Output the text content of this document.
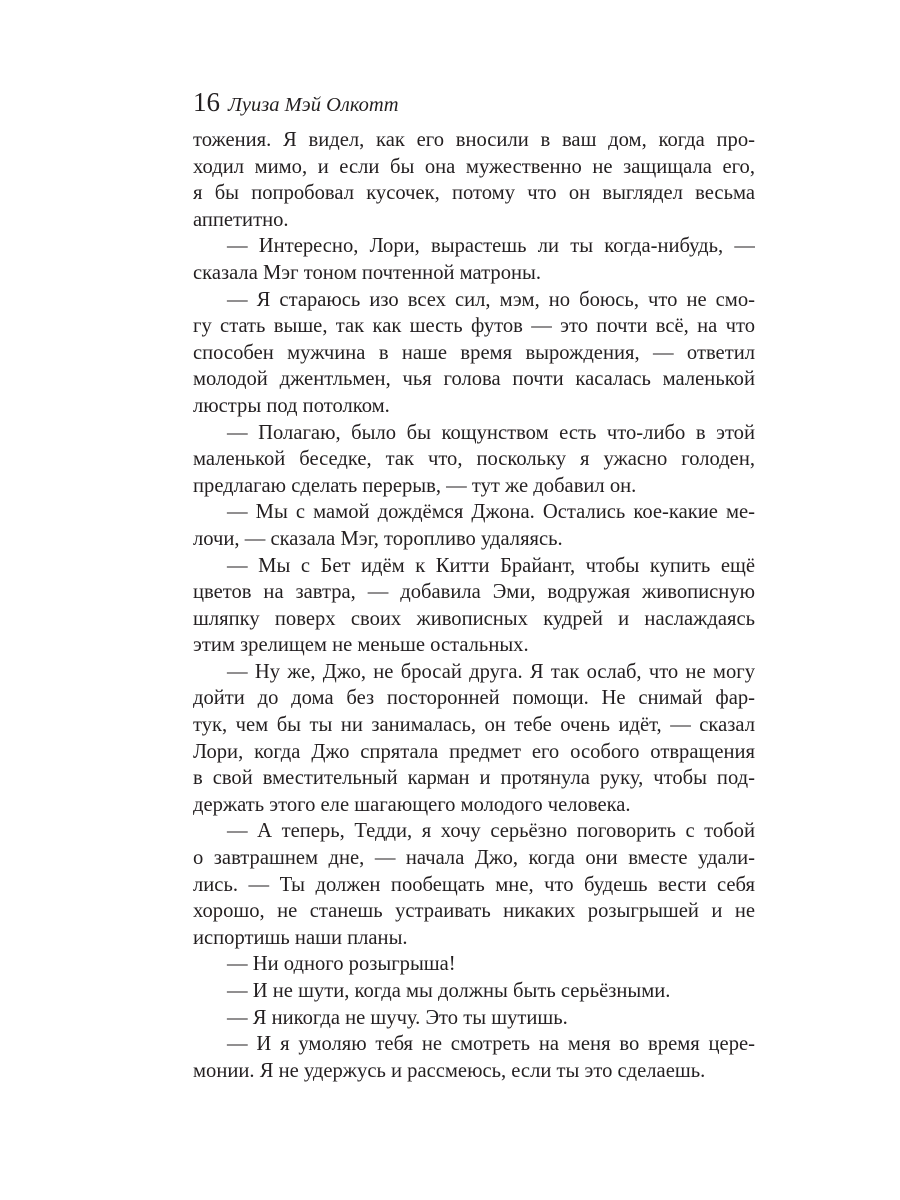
16 Луиза Мэй Олкотт
тожения. Я видел, как его вносили в ваш дом, когда про-
ходил мимо, и если бы она мужественно не защищала его,
я бы попробовал кусочек, потому что он выглядел весьма
аппетитно.
— Интересно, Лори, вырастешь ли ты когда-нибудь, —
сказала Мэг тоном почтенной матроны.
— Я стараюсь изо всех сил, мэм, но боюсь, что не смо-
гу стать выше, так как шесть футов — это почти всё, на что
способен мужчина в наше время вырождения, — ответил
молодой джентльмен, чья голова почти касалась маленькой
люстры под потолком.
— Полагаю, было бы кощунством есть что-либо в этой
маленькой беседке, так что, поскольку я ужасно голоден,
предлагаю сделать перерыв, — тут же добавил он.
— Мы с мамой дождёмся Джона. Остались кое-какие ме-
лочи, — сказала Мэг, торопливо удаляясь.
— Мы с Бет идём к Китти Брайант, чтобы купить ещё
цветов на завтра, — добавила Эми, водружая живописную
шляпку поверх своих живописных кудрей и наслаждаясь
этим зрелищем не меньше остальных.
— Ну же, Джо, не бросай друга. Я так ослаб, что не могу
дойти до дома без посторонней помощи. Не снимай фар-
тук, чем бы ты ни занималась, он тебе очень идёт, — сказал
Лори, когда Джо спрятала предмет его особого отвращения
в свой вместительный карман и протянула руку, чтобы под-
держать этого еле шагающего молодого человека.
— А теперь, Тедди, я хочу серьёзно поговорить с тобой
о завтрашнем дне, — начала Джо, когда они вместе удали-
лись. — Ты должен пообещать мне, что будешь вести себя
хорошо, не станешь устраивать никаких розыгрышей и не
испортишь наши планы.
— Ни одного розыгрыша!
— И не шути, когда мы должны быть серьёзными.
— Я никогда не шучу. Это ты шутишь.
— И я умоляю тебя не смотреть на меня во время цере-
монии. Я не удержусь и рассмеюсь, если ты это сделаешь.
